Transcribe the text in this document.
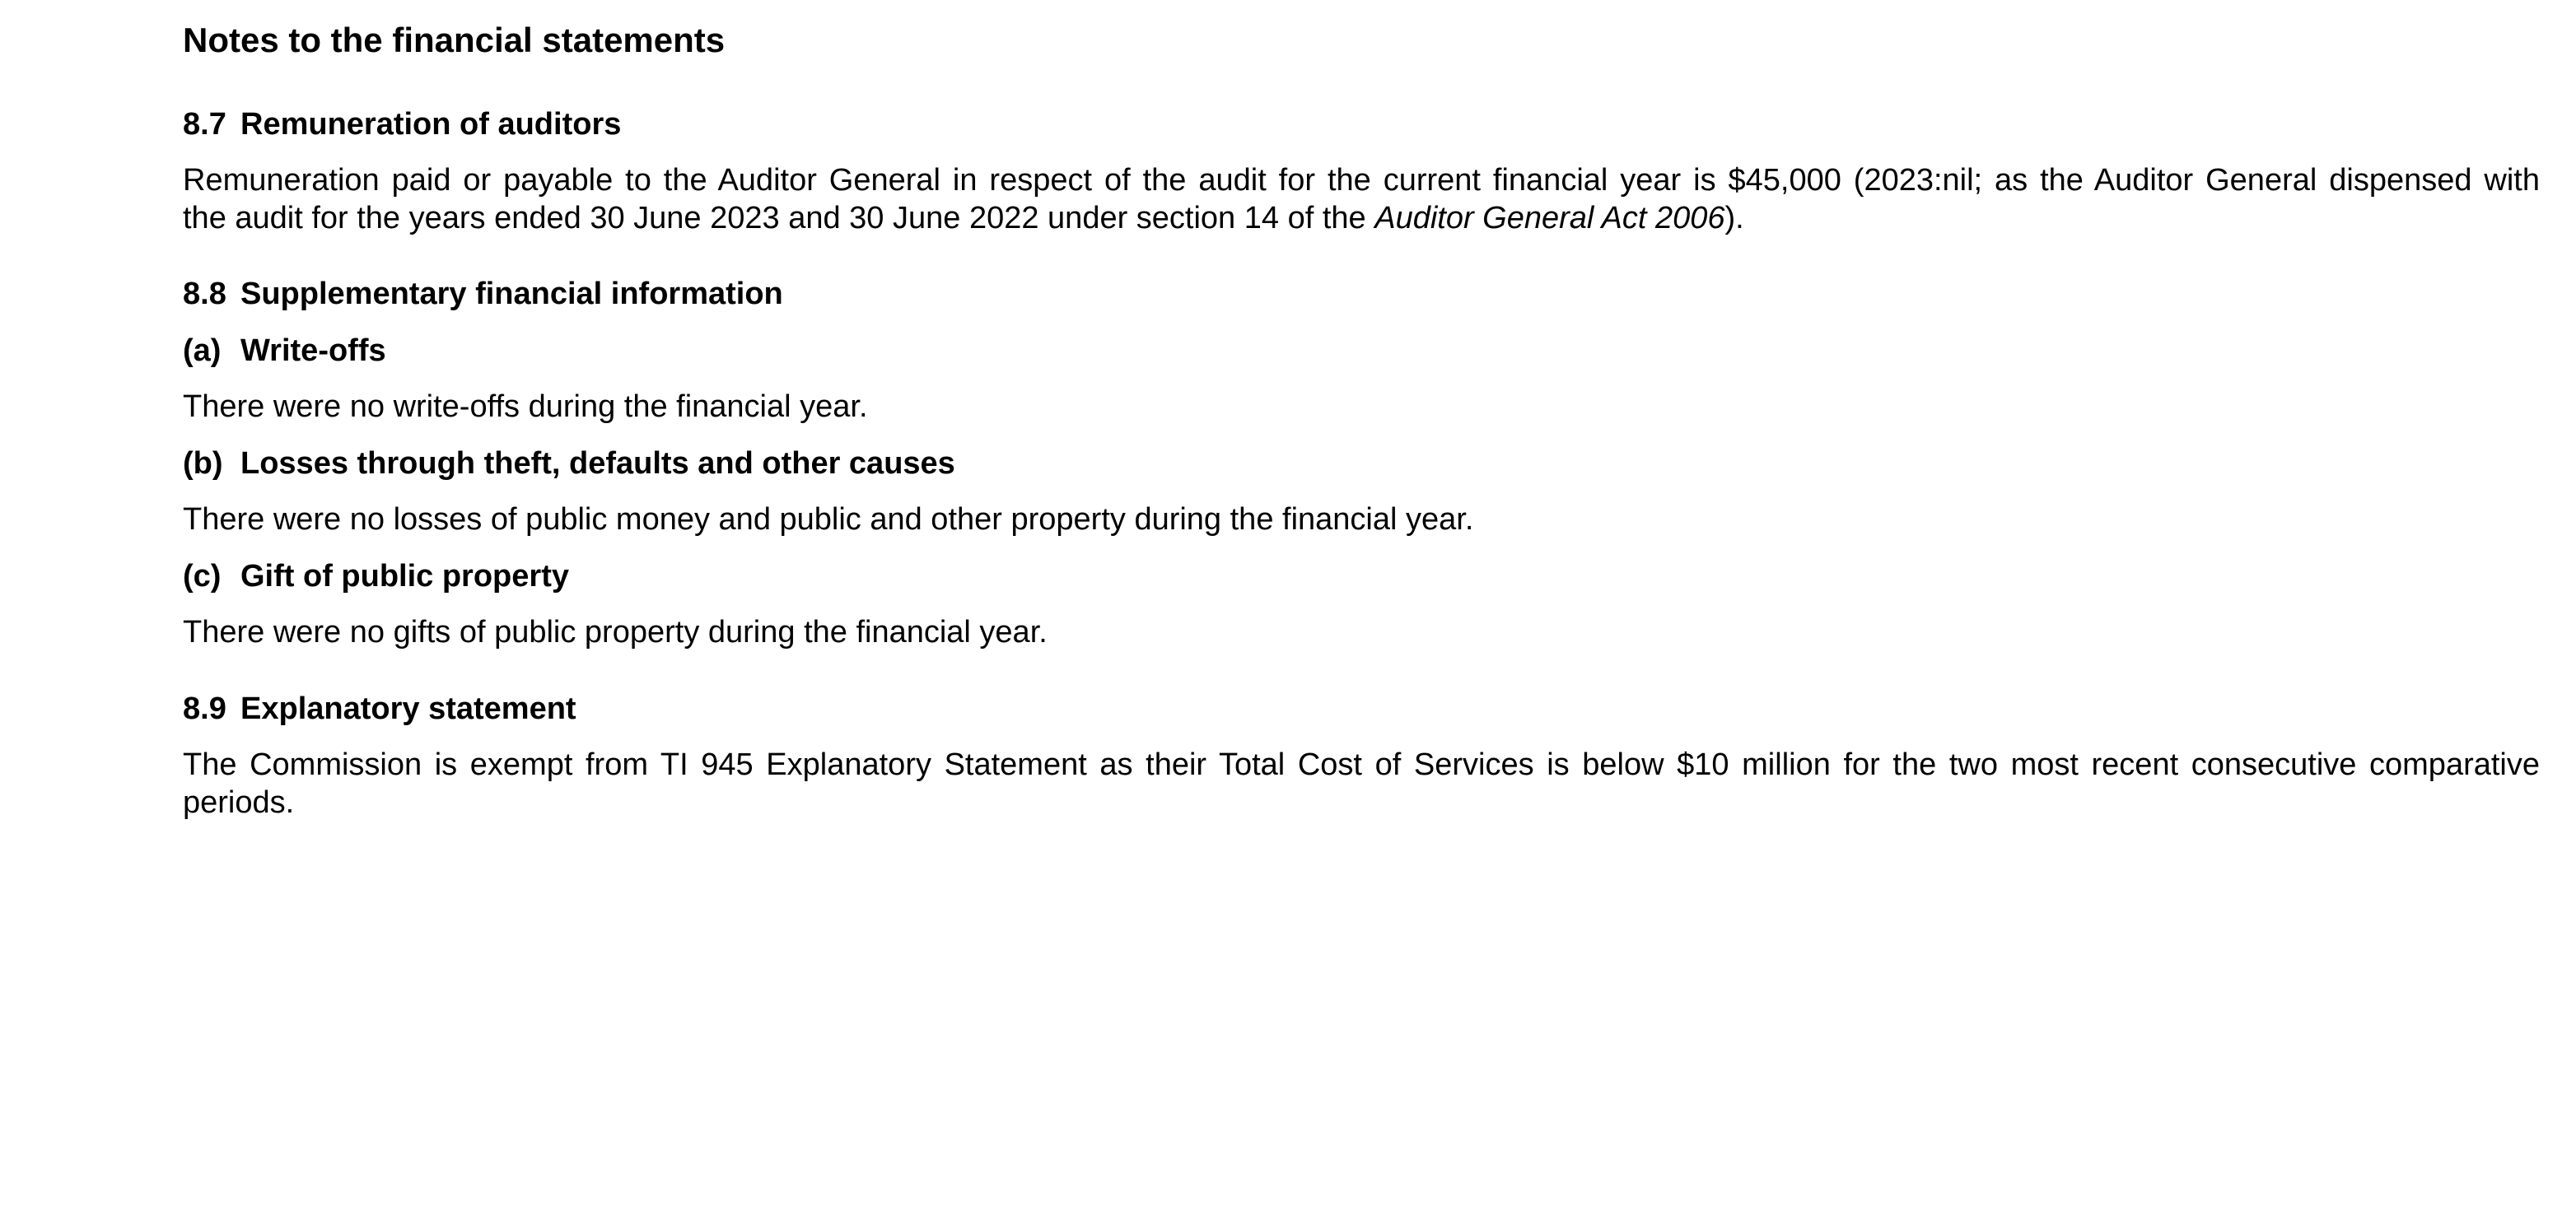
Notes to the financial statements
8.7 Remuneration of auditors
Remuneration paid or payable to the Auditor General in respect of the audit for the current financial year is $45,000 (2023:nil; as the Auditor General dispensed with
the audit for the years ended 30 June 2023 and 30 June 2022 under section 14 of the Auditor General Act 2006).
8.8 Supplementary financial information
(a) Write-offs
There were no write-offs during the financial year.
(b) Losses through theft, defaults and other causes
There were no losses of public money and public and other property during the financial year.
(c) Gift of public property
There were no gifts of public property during the financial year.
8.9 Explanatory statement
The Commission is exempt from TI 945 Explanatory Statement as their Total Cost of Services is below $10 million for the two most recent consecutive comparative
periods.
